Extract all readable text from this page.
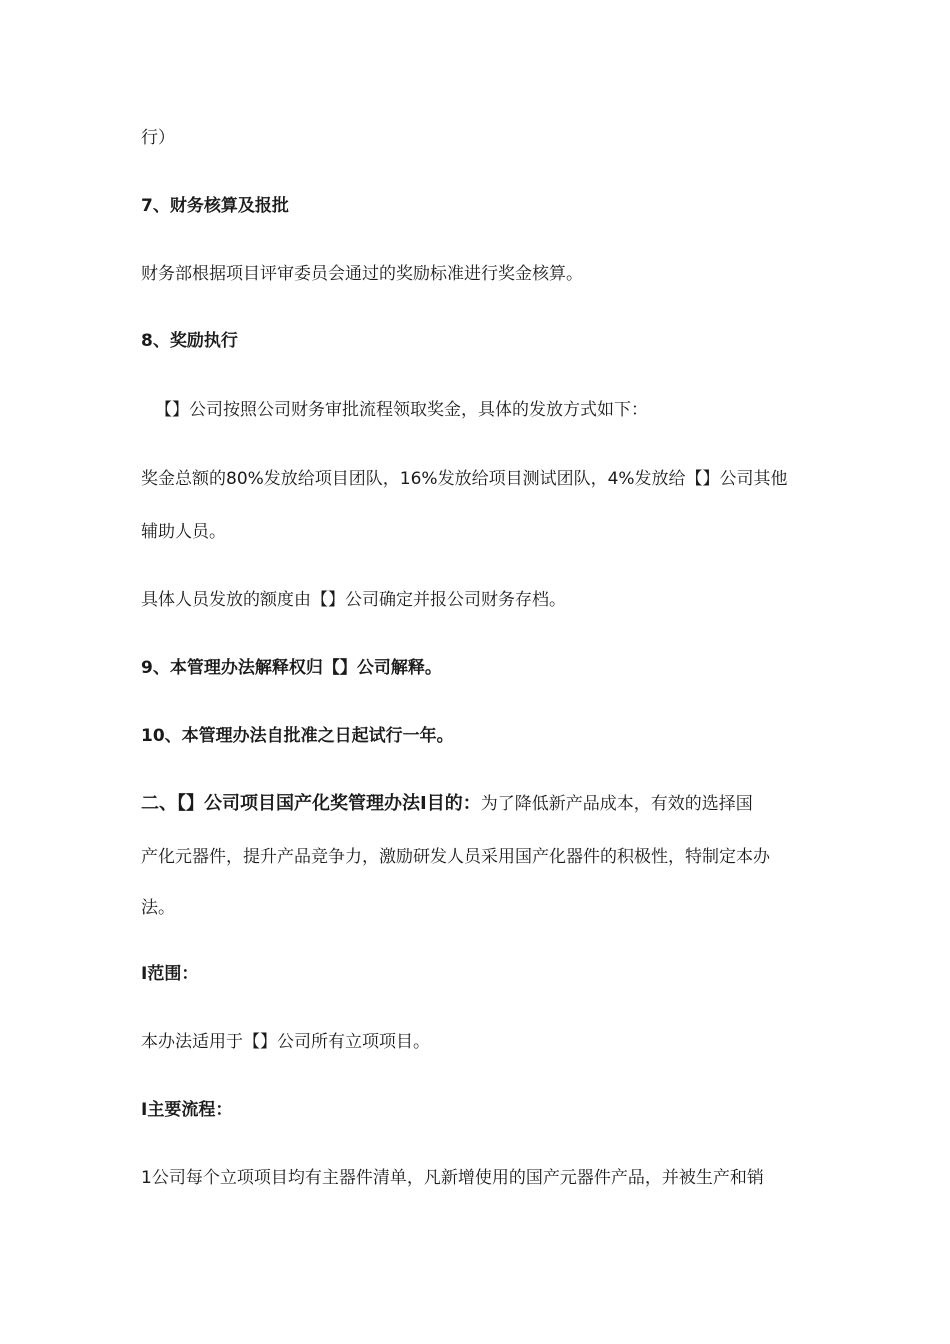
行）
7、财务核算及报批
财务部根据项目评审委员会通过的奖励标准进行奖金核算。
8、奖励执行
【】公司按照公司财务审批流程领取奖金，具体的发放方式如下：
奖金总额的80%发放给项目团队，16%发放给项目测试团队，4%发放给【】公司其他
辅助人员。
具体人员发放的额度由【】公司确定并报公司财务存档。
9、本管理办法解释权归【】公司解释。
10、本管理办法自批准之日起试行一年。
二、【】公司项目国产化奖管理办法Ⅰ目的：为了降低新产品成本，有效的选择国
产化元器件，提升产品竞争力，激励研发人员采用国产化器件的积极性，特制定本办
法。
Ⅰ范围：
本办法适用于【】公司所有立项项目。
Ⅰ主要流程：
1公司每个立项项目均有主器件清单，凡新增使用的国产元器件产品，并被生产和销
